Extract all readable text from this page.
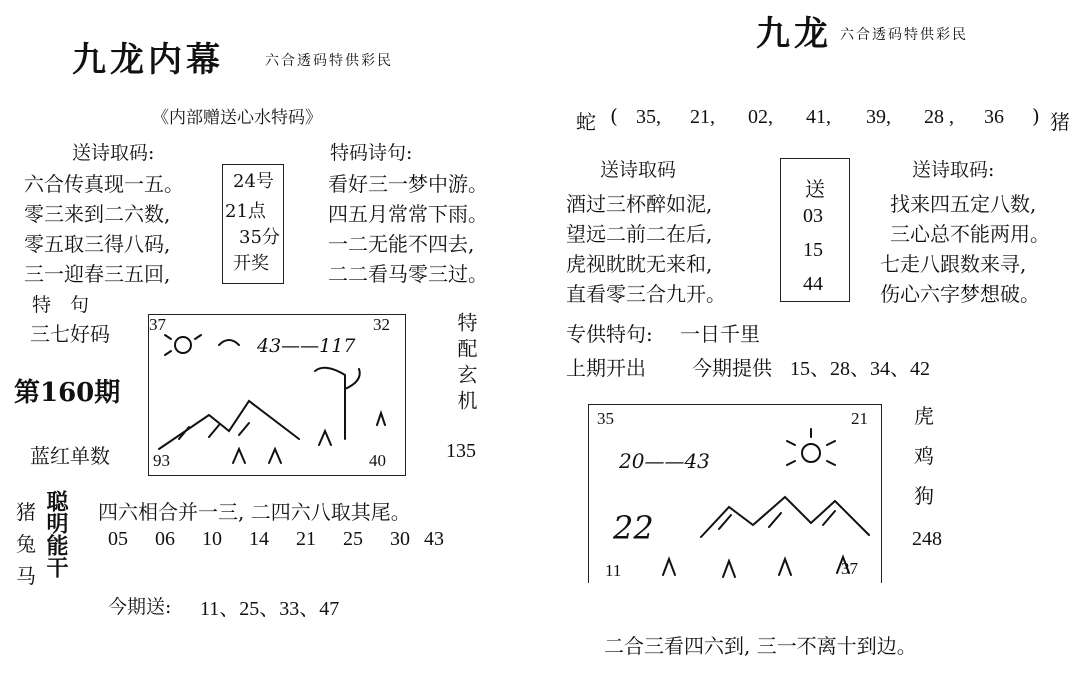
九龙内幕	六合透码特供彩民
《内部赠送心水特码》
送诗取码:
六合传真现一五。
零三来到二六数,
零五取三得八码,
三一迎春三五回,
24号
21点
35分
开奖
特码诗句:
看好三一梦中游。
四五月常常下雨。
一二无能不四去,
二二看马零三过。
特　句
三七好码
第160期
蓝红单数
37	32
93	40
43——117	特配玄机
135
猪
兔
马 聪明能干 四六相合并一三, 二四六八取其尾。
05 06 10 14 21 25 30 43
今期送: 11、25、33、47
九龙 六合透码特供彩民
蛇 ( 35, 21, 02, 41, 39, 28 , 36 ) 猪
送诗取码
酒过三杯醉如泥,
望远二前二在后,
虎视眈眈无来和,
直看零三合九开。
送
03
15
44
送诗取码:
找来四五定八数,
三心总不能两用。
七走八跟数来寻,
伤心六字梦想破。
专供特句: 一日千里
上期开出 今期提供 15、28、34、42
35	21
11	37
20——43
22
虎
鸡
狗
248
二合三看四六到, 三一不离十到边。
